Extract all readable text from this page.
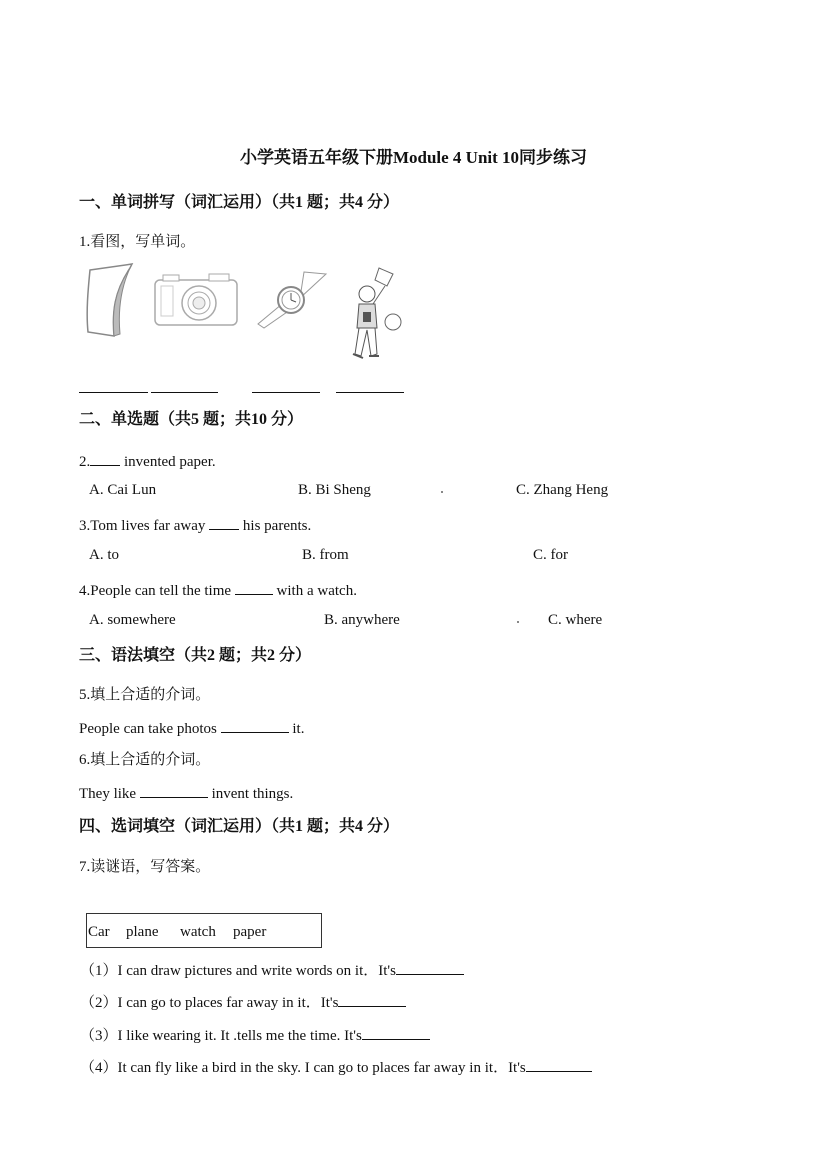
小学英语五年级下册Module 4 Unit 10同步练习
一、单词拼写（词汇运用）（共1 题；共4 分）
1.看图，写单词。
二、单选题（共5 题；共10 分）
2. invented paper.
A. Cai Lun	B. Bi Sheng	C. Zhang Heng
3.Tom lives far away  his parents.
A. to	B. from	C. for
4.People can tell the time	with a watch.
A. somewhere	B. anywhere	C. where
三、语法填空（共2 题；共2 分）
5.填上合适的介词。
People can take photos	it.
6.填上合适的介词。
They like	invent things.
四、选词填空（词汇运用）（共1 题；共4 分）
7.读谜语，写答案。
Car plane watch paper
（1）I can draw pictures and write words on it．It's
（2）I can go to places far away in it．It's
（3）I like wearing it. It .tells me the time. It's
（4）It can fly like a bird in the sky. I can go to places far away in it．It's
